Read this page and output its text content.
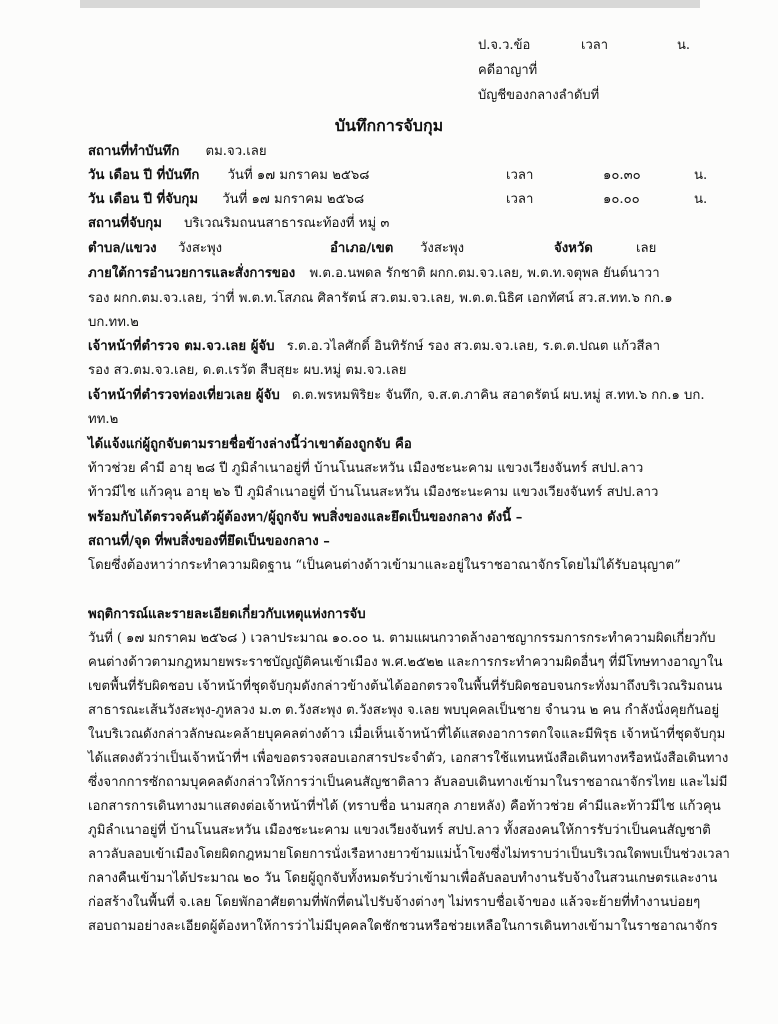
ป.จ.ว.ข้อ	เวลา	น.
คดีอาญาที่
บัญชีของกลางลำดับที่
บันทึกการจับกุม
สถานที่ทำบันทึก ตม.จว.เลย
วัน เดือน ปี ที่บันทึก วันที่ ๑๗ มกราคม ๒๕๖๘	เวลา	๑๐.๓๐	น.
วัน เดือน ปี ที่จับกุม วันที่ ๑๗ มกราคม ๒๕๖๘	เวลา	๑๐.๐๐	น.
สถานที่จับกุม บริเวณริมถนนสาธารณะท้องที่ หมู่ ๓
ตำบล/แขวง วังสะพุง	อำเภอ/เขต วังสะพุง	จังหวัด	เลย
ภายใต้การอำนวยการและสั่งการของ พ.ต.อ.นพดล รักชาติ ผกก.ตม.จว.เลย, พ.ต.ท.จตุพล ยันต์นาวา
รอง ผกก.ตม.จว.เลย, ว่าที่ พ.ต.ท.โสภณ ศิลารัตน์ สว.ตม.จว.เลย, พ.ต.ต.นิธิศ เอกทัศน์ สว.ส.ทท.๖ กก.๑
บก.ทท.๒
เจ้าหน้าที่ตำรวจ ตม.จว.เลย ผู้จับ ร.ต.อ.วไลศักดิ์ อินทิรักษ์ รอง สว.ตม.จว.เลย, ร.ต.ต.ปณต แก้วสีลา
รอง สว.ตม.จว.เลย, ด.ต.เรวัต สืบสุยะ ผบ.หมู่ ตม.จว.เลย
เจ้าหน้าที่ตำรวจท่องเที่ยวเลย ผู้จับ ด.ต.พรหมพิริยะ จันทึก, จ.ส.ต.ภาคิน สอาดรัตน์ ผบ.หมู่ ส.ทท.๖ กก.๑ บก.
ทท.๒
ได้แจ้งแก่ผู้ถูกจับตามรายชื่อข้างล่างนี้ว่าเขาต้องถูกจับ คือ
ท้าวช่วย คำมี อายุ ๒๘ ปี ภูมิลำเนาอยู่ที่ บ้านโนนสะหวัน เมืองชะนะคาม แขวงเวียงจันทร์ สปป.ลาว
ท้าวมีไช แก้วคุน อายุ ๒๖ ปี ภูมิลำเนาอยู่ที่ บ้านโนนสะหวัน เมืองชะนะคาม แขวงเวียงจันทร์ สปป.ลาว
พร้อมกับได้ตรวจค้นตัวผู้ต้องหา/ผู้ถูกจับ พบสิ่งของและยึดเป็นของกลาง ดังนี้ –
สถานที่/จุด ที่พบสิ่งของที่ยึดเป็นของกลาง –
โดยซึ่งต้องหาว่ากระทำความผิดฐาน “เป็นคนต่างด้าวเข้ามาและอยู่ในราชอาณาจักรโดยไม่ได้รับอนุญาต”
พฤติการณ์และรายละเอียดเกี่ยวกับเหตุแห่งการจับ
วันที่ ( ๑๗ มกราคม ๒๕๖๘ ) เวลาประมาณ ๑๐.๐๐ น. ตามแผนกวาดล้างอาชญากรรมการกระทำความผิดเกี่ยวกับ
คนต่างด้าวตามกฎหมายพระราชบัญญัติคนเข้าเมือง พ.ศ.๒๕๒๒ และการกระทำความผิดอื่นๆ ที่มีโทษทางอาญาใน
เขตพื้นที่รับผิดชอบ เจ้าหน้าที่ชุดจับกุมดังกล่าวข้างต้นได้ออกตรวจในพื้นที่รับผิดชอบจนกระทั่งมาถึงบริเวณริมถนน
สาธารณะเส้นวังสะพุง-ภูหลวง ม.๓ ต.วังสะพุง ต.วังสะพุง จ.เลย พบบุคคลเป็นชาย จำนวน ๒ คน กำลังนั่งคุยกันอยู่
ในบริเวณดังกล่าวลักษณะคล้ายบุคคลต่างด้าว เมื่อเห็นเจ้าหน้าที่ได้แสดงอาการตกใจและมีพิรุธ เจ้าหน้าที่ชุดจับกุม
ได้แสดงตัวว่าเป็นเจ้าหน้าที่ฯ เพื่อขอตรวจสอบเอกสารประจำตัว, เอกสารใช้แทนหนังสือเดินทางหรือหนังสือเดินทาง
ซึ่งจากการซักถามบุคคลดังกล่าวให้การว่าเป็นคนสัญชาติลาว ลับลอบเดินทางเข้ามาในราชอาณาจักรไทย และไม่มี
เอกสารการเดินทางมาแสดงต่อเจ้าหน้าที่ฯได้ (ทราบชื่อ นามสกุล ภายหลัง) คือท้าวช่วย คำมีและท้าวมีไช แก้วคุน
ภูมิลำเนาอยู่ที่ บ้านโนนสะหวัน เมืองชะนะคาม แขวงเวียงจันทร์ สปป.ลาว ทั้งสองคนให้การรับว่าเป็นคนสัญชาติ
ลาวลับลอบเข้าเมืองโดยผิดกฎหมายโดยการนั่งเรือหางยาวข้ามแม่น้ำโขงซึ่งไม่ทราบว่าเป็นบริเวณใดพบเป็นช่วงเวลา
กลางคืนเข้ามาได้ประมาณ ๒๐ วัน โดยผู้ถูกจับทั้งหมดรับว่าเข้ามาเพื่อลับลอบทำงานรับจ้างในสวนเกษตรและงาน
ก่อสร้างในพื้นที่ จ.เลย โดยพักอาศัยตามที่พักที่ตนไปรับจ้างต่างๆ ไม่ทราบชื่อเจ้าของ แล้วจะย้ายที่ทำงานบ่อยๆ
สอบถามอย่างละเอียดผู้ต้องหาให้การว่าไม่มีบุคคลใดชักชวนหรือช่วยเหลือในการเดินทางเข้ามาในราชอาณาจักร
